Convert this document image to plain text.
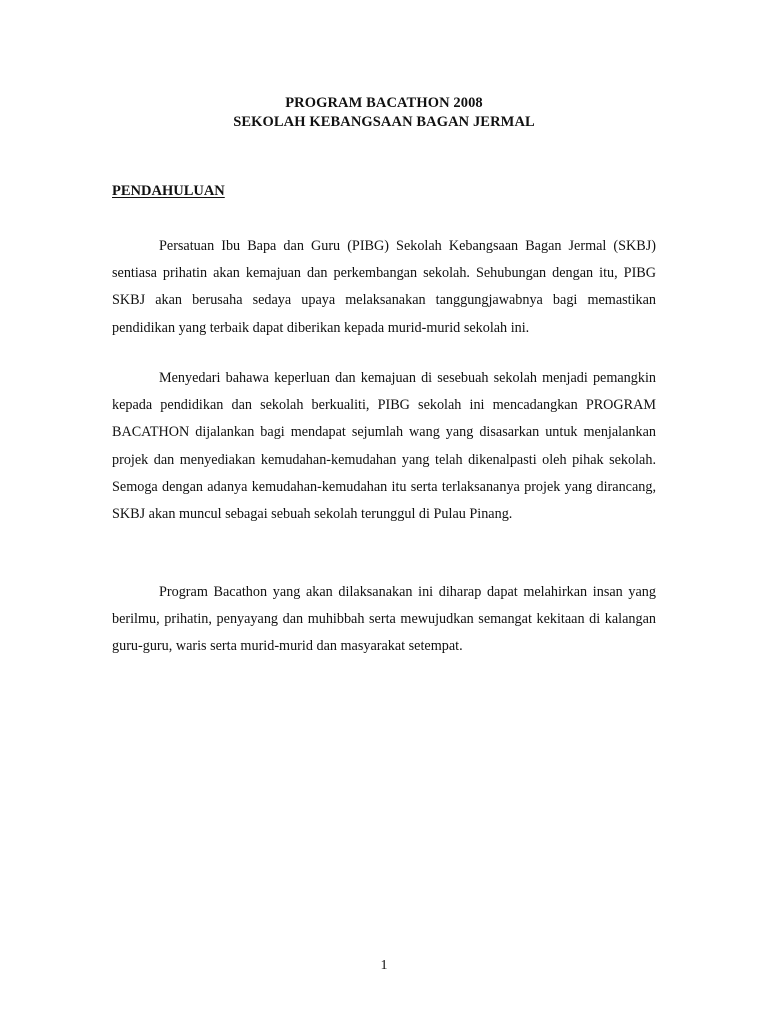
PROGRAM BACATHON 2008
SEKOLAH KEBANGSAAN BAGAN JERMAL
PENDAHULUAN

Persatuan Ibu Bapa dan Guru (PIBG) Sekolah Kebangsaan Bagan Jermal (SKBJ) sentiasa prihatin akan kemajuan dan perkembangan sekolah. Sehubungan dengan itu, PIBG SKBJ akan berusaha sedaya upaya melaksanakan tanggungjawabnya bagi memastikan pendidikan yang terbaik dapat diberikan kepada murid-murid sekolah ini.

Menyedari bahawa keperluan dan kemajuan di sesebuah sekolah menjadi pemangkin kepada pendidikan dan sekolah berkualiti, PIBG sekolah ini mencadangkan PROGRAM BACATHON dijalankan bagi mendapat sejumlah wang yang disasarkan untuk menjalankan projek dan menyediakan kemudahan-kemudahan yang telah dikenalpasti oleh pihak sekolah. Semoga dengan adanya kemudahan-kemudahan itu serta terlaksananya projek yang dirancang, SKBJ akan muncul sebagai sebuah sekolah terunggul di Pulau Pinang.

Program Bacathon yang akan dilaksanakan ini diharap dapat melahirkan insan yang berilmu, prihatin, penyayang dan muhibbah serta mewujudkan semangat kekitaan di kalangan guru-guru, waris serta murid-murid dan masyarakat setempat.

1
